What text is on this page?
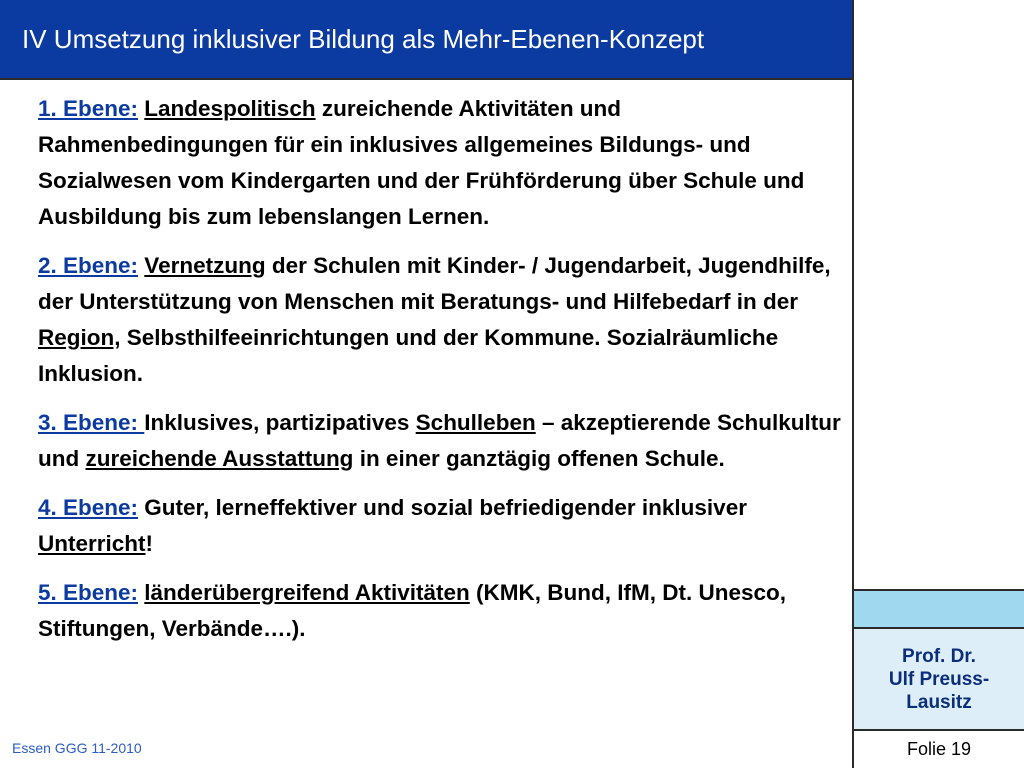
IV Umsetzung inklusiver Bildung als Mehr-Ebenen-Konzept
Prof. Dr.
Ulf Preuss-
Lausitz
Folie 19

1. Ebene: Landespolitisch zureichende Aktivitäten und Rahmenbedingungen für ein inklusives allgemeines Bildungs- und Sozialwesen vom Kindergarten und der Frühförderung über Schule und Ausbildung bis zum lebenslangen Lernen.

2. Ebene: Vernetzung der Schulen mit Kinder- / Jugendarbeit, Jugendhilfe, der Unterstützung von Menschen mit Beratungs- und Hilfebedarf in der Region, Selbsthilfeeinrichtungen und der Kommune. Sozialräumliche Inklusion.

3. Ebene: Inklusives, partizipatives Schulleben – akzeptierende Schulkultur und zureichende Ausstattung in einer ganztägig offenen Schule.

4. Ebene: Guter, lerneffektiver und sozial befriedigender inklusiver Unterricht!

5. Ebene: länderübergreifend Aktivitäten (KMK, Bund, IfM, Dt. Unesco, Stiftungen, Verbände….).

Essen GGG 11-2010
